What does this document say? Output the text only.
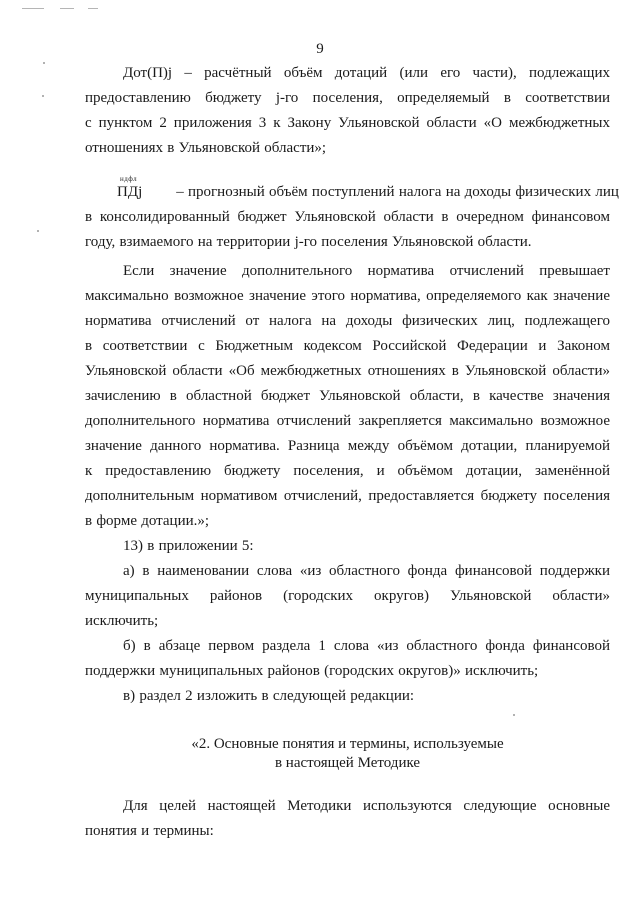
9
Дот(П)j – расчётный объём дотаций (или его части), подлежащих
предоставлению бюджету j-го поселения, определяемый в соответствии
с пунктом 2 приложения 3 к Закону Ульяновской области «О межбюджетных
отношениях в Ульяновской области»;
ндфл
ПДj        – прогнозный объём поступлений налога на доходы физических лиц
в консолидированный бюджет Ульяновской области в очередном финансовом
году, взимаемого на территории j-го поселения Ульяновской области.
Если значение дополнительного норматива отчислений превышает
максимально возможное значение этого норматива, определяемого как значение
норматива отчислений от налога на доходы физических лиц, подлежащего
в соответствии с Бюджетным кодексом Российской Федерации и Законом
Ульяновской области «Об межбюджетных отношениях в Ульяновской области»
зачислению в областной бюджет Ульяновской области, в качестве значения
дополнительного норматива отчислений закрепляется максимально возможное
значение данного норматива. Разница между объёмом дотации, планируемой
к предоставлению бюджету поселения, и объёмом дотации, заменённой
дополнительным нормативом отчислений, предоставляется бюджету поселения
в форме дотации.»;
13) в приложении 5:
а) в наименовании слова «из областного фонда финансовой поддержки
муниципальных районов (городских округов) Ульяновской области»
исключить;
б) в абзаце первом раздела 1 слова «из областного фонда финансовой
поддержки муниципальных районов (городских округов)» исключить;
в) раздел 2 изложить в следующей редакции:
«2. Основные понятия и термины, используемые
в настоящей Методике
Для целей настоящей Методики используются следующие основные
понятия и термины:
